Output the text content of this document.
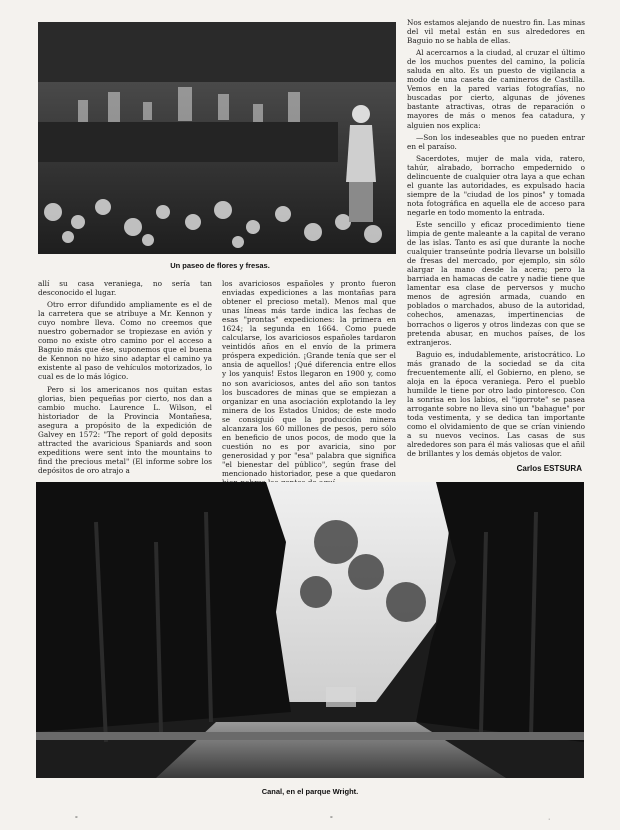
Un paseo de flores y fresas.

Nos estamos alejando de nuestro fin. Las minas del vil metal están en sus alrededores en Baguio no se habla de ellas.

Al acercarnos a la ciudad, al cruzar el último de los muchos puentes del camino, la policía saluda en alto. Es un puesto de vigilancia a modo de una caseta de camineros de Castilla. Vemos en la pared varias fotografías, no buscadas por cierto, algunas de jóvenes bastante atractivas, otras de reparación o mayores de más o menos fea catadura, y alguien nos explica:

—Son los indeseables que no pueden entrar en el paraíso.

Sacerdotes, mujer de mala vida, ratero, tahúr, alrabado, borracho empedernido o delincuente de cualquier otra laya a que echan el guante las autoridades, es expulsado hacia siempre de la "ciudad de los pinos" y tomada nota fotográfica en aquella ele de acceso para negarle en todo momento la entrada.

Este sencillo y eficaz procedimiento tiene limpia de gente maleante a la capital de verano de las islas. Tanto es así que durante la noche cualquier transeúnte podría llevarse un bolsillo de fresas del mercado, por ejemplo, sin sólo alargar la mano desde la acera; pero la barriada en hamacas de catre y nadie tiene que lamentar esa clase de perversos y mucho menos de agresión armada, cuando en poblados o marchados, abuso de la autoridad, cohechos, amenazas, impertinencias de borrachos o ligeros y otros lindezas con que se pretenda abusar, en muchos países, de los extranjeros.

Baguio es, indudablemente, aristocrático. Lo más granado de la sociedad se da cita frecuentemente allí, el Gobierno, en pleno, se aloja en la época veraniega. Pero el pueblo humilde le tiene por otro lado pintoresco. Con la sonrisa en los labios, el "igorrote" se pasea arrogante sobre no lleva sino un "bahague" por toda vestimenta, y se dedica tan importante como el olvidamiento de que se crían viniendo a su nuevos vecinos. Las casas de sus alrededores son para él más valiosas que el añil de brillantes y los demás objetos de valor.

Carlos ESTSURA

allí su casa veraniega, no sería tan desconocido el lugar.

Otro error difundido ampliamente es el de la carretera que se atribuye a Mr. Kennon y cuyo nombre lleva. Como no creemos que nuestro gobernador se tropiezase en avión y como no existe otro camino por el acceso a Baguio más que ése, suponemos que el buena de Kennon no hizo sino adaptar el camino ya existente al paso de vehículos motorizados, lo cual es de lo más lógico.

Pero si los americanos nos quitan estas glorias, bien pequeñas por cierto, nos dan a cambio mucho. Laurence L. Wilson, el historiador de la Provincia Montañesa, asegura a propósito de la expedición de Galvey en 1572: "The report of gold deposits attracted the avaricious Spaniards and soon expeditions were sent into the mountains to find the precious metal" (El informe sobre los depósitos de oro atrajo a

los avariciosos españoles y pronto fueron enviadas expediciones a las montañas para obtener el precioso metal). Menos mal que unas líneas más tarde indica las fechas de esas "prontas" expediciones: la primera en 1624; la segunda en 1664. Como puede calcularse, los avariciosos españoles tardaron veintidós años en el envío de la primera próspera expedición. ¡Grande tenía que ser el ansia de aquellos! ¡Qué diferencia entre ellos y los yanquis! Estos llegaron en 1900 y, como no son avariciosos, antes del año son tantos los buscadores de minas que se empiezan a organizar en una asociación explotando la ley minera de los Estados Unidos; de este modo se consiguió que la producción minera alcanzara los 60 millones de pesos, pero sólo en beneficio de unos pocos, de modo que la cuestión no es por avaricia, sino por generosidad y por "esa" palabra que significa "el bienestar del público", según frase del mencionado historiador, pese a que quedaron

Canal, en el parque Wright.
°	°	·
